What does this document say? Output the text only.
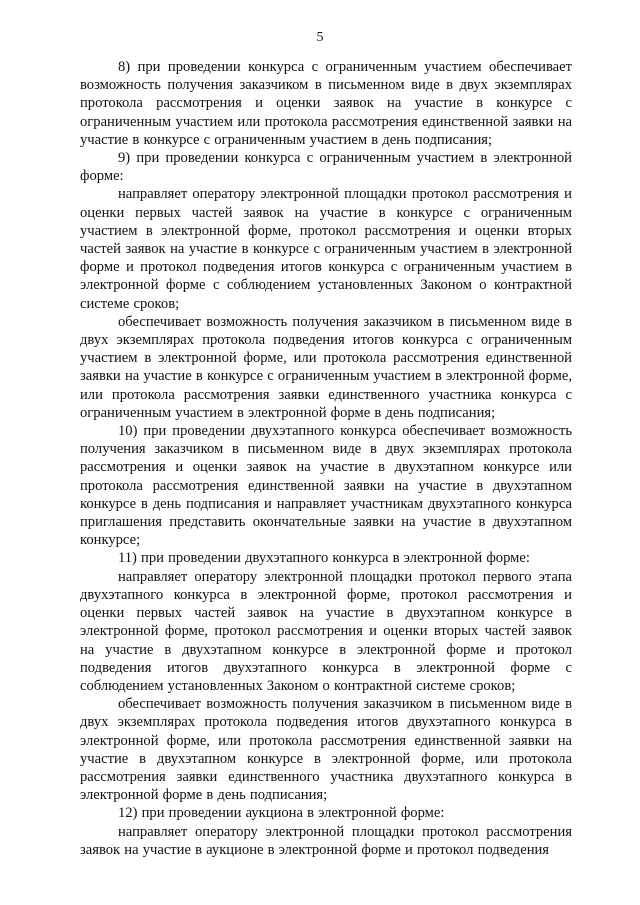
5

8) при проведении конкурса с ограниченным участием обеспечивает возможность получения заказчиком в письменном виде в двух экземплярах протокола рассмотрения и оценки заявок на участие в конкурсе с ограниченным участием или протокола рассмотрения единственной заявки на участие в конкурсе с ограниченным участием в день подписания;

9) при проведении конкурса с ограниченным участием в электронной форме:

направляет оператору электронной площадки протокол рассмотрения и оценки первых частей заявок на участие в конкурсе с ограниченным участием в электронной форме, протокол рассмотрения и оценки вторых частей заявок на участие в конкурсе с ограниченным участием в электронной форме и протокол подведения итогов конкурса с ограниченным участием в электронной форме с соблюдением установленных Законом о контрактной системе сроков;

обеспечивает возможность получения заказчиком в письменном виде в двух экземплярах протокола подведения итогов конкурса с ограниченным участием в электронной форме, или протокола рассмотрения единственной заявки на участие в конкурсе с ограниченным участием в электронной форме, или протокола рассмотрения заявки единственного участника конкурса с ограниченным участием в электронной форме в день подписания;

10) при проведении двухэтапного конкурса обеспечивает возможность получения заказчиком в письменном виде в двух экземплярах протокола рассмотрения и оценки заявок на участие в двухэтапном конкурсе или протокола рассмотрения единственной заявки на участие в двухэтапном конкурсе в день подписания и направляет участникам двухэтапного конкурса приглашения представить окончательные заявки на участие в двухэтапном конкурсе;

11) при проведении двухэтапного конкурса в электронной форме:

направляет оператору электронной площадки протокол первого этапа двухэтапного конкурса в электронной форме, протокол рассмотрения и оценки первых частей заявок на участие в двухэтапном конкурсе в электронной форме, протокол рассмотрения и оценки вторых частей заявок на участие в двухэтапном конкурсе в электронной форме и протокол подведения итогов двухэтапного конкурса в электронной форме с соблюдением установленных Законом о контрактной системе сроков;

обеспечивает возможность получения заказчиком в письменном виде в двух экземплярах протокола подведения итогов двухэтапного конкурса в электронной форме, или протокола рассмотрения единственной заявки на участие в двухэтапном конкурсе в электронной форме, или протокола рассмотрения заявки единственного участника двухэтапного конкурса в электронной форме в день подписания;

12) при проведении аукциона в электронной форме:

направляет оператору электронной площадки протокол рассмотрения заявок на участие в аукционе в электронной форме и протокол подведения
